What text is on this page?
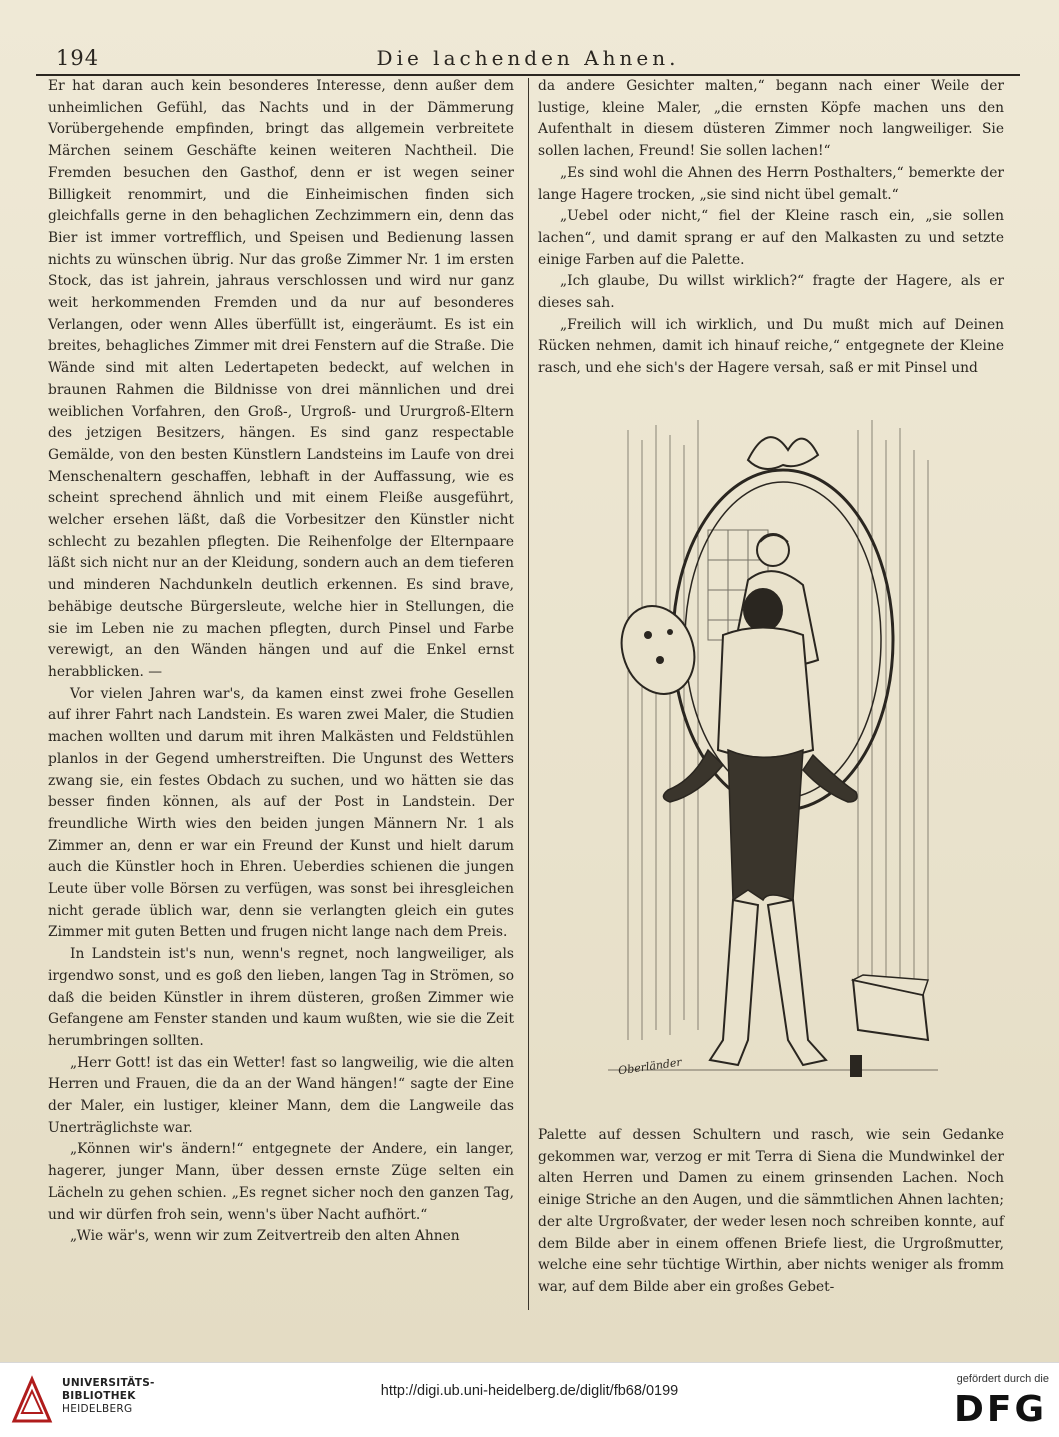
194	Die lachenden Ahnen.

Er hat daran auch kein besonderes Interesse, denn außer dem unheimlichen Gefühl, das Nachts und in der Dämmerung Vorübergehende empfinden, bringt das allgemein verbreitete Märchen seinem Geschäfte keinen weiteren Nachtheil. Die Fremden besuchen den Gasthof, denn er ist wegen seiner Billigkeit renommirt, und die Einheimischen finden sich gleichfalls gerne in den behaglichen Zechzimmern ein, denn das Bier ist immer vortrefflich, und Speisen und Bedienung lassen nichts zu wünschen übrig. Nur das große Zimmer Nr. 1 im ersten Stock, das ist jahrein, jahraus verschlossen und wird nur ganz weit herkommenden Fremden und da nur auf besonderes Verlangen, oder wenn Alles überfüllt ist, eingeräumt. Es ist ein breites, behagliches Zimmer mit drei Fenstern auf die Straße. Die Wände sind mit alten Ledertapeten bedeckt, auf welchen in braunen Rahmen die Bildnisse von drei männlichen und drei weiblichen Vorfahren, den Groß-, Urgroß- und Ururgroß-Eltern des jetzigen Besitzers, hängen. Es sind ganz respectable Gemälde, von den besten Künstlern Landsteins im Laufe von drei Menschenaltern geschaffen, lebhaft in der Auffassung, wie es scheint sprechend ähnlich und mit einem Fleiße ausgeführt, welcher ersehen läßt, daß die Vorbesitzer den Künstler nicht schlecht zu bezahlen pflegten. Die Reihenfolge der Elternpaare läßt sich nicht nur an der Kleidung, sondern auch an dem tieferen und minderen Nachdunkeln deutlich erkennen. Es sind brave, behäbige deutsche Bürgersleute, welche hier in Stellungen, die sie im Leben nie zu machen pflegten, durch Pinsel und Farbe verewigt, an den Wänden hängen und auf die Enkel ernst herabblicken. —

Vor vielen Jahren war's, da kamen einst zwei frohe Gesellen auf ihrer Fahrt nach Landstein. Es waren zwei Maler, die Studien machen wollten und darum mit ihren Malkästen und Feldstühlen planlos in der Gegend umherstreiften. Die Ungunst des Wetters zwang sie, ein festes Obdach zu suchen, und wo hätten sie das besser finden können, als auf der Post in Landstein. Der freundliche Wirth wies den beiden jungen Männern Nr. 1 als Zimmer an, denn er war ein Freund der Kunst und hielt darum auch die Künstler hoch in Ehren. Ueberdies schienen die jungen Leute über volle Börsen zu verfügen, was sonst bei ihresgleichen nicht gerade üblich war, denn sie verlangten gleich ein gutes Zimmer mit guten Betten und frugen nicht lange nach dem Preis.

In Landstein ist's nun, wenn's regnet, noch langweiliger, als irgendwo sonst, und es goß den lieben, langen Tag in Strömen, so daß die beiden Künstler in ihrem düsteren, großen Zimmer wie Gefangene am Fenster standen und kaum wußten, wie sie die Zeit herumbringen sollten.

„Herr Gott! ist das ein Wetter! fast so langweilig, wie die alten Herren und Frauen, die da an der Wand hängen!“ sagte der Eine der Maler, ein lustiger, kleiner Mann, dem die Langweile das Unerträglichste war.

„Können wir's ändern!“ entgegnete der Andere, ein langer, hagerer, junger Mann, über dessen ernste Züge selten ein Lächeln zu gehen schien. „Es regnet sicher noch den ganzen Tag, und wir dürfen froh sein, wenn's über Nacht aufhört.“

„Wie wär's, wenn wir zum Zeitvertreib den alten Ahnen

da andere Gesichter malten,“ begann nach einer Weile der lustige, kleine Maler, „die ernsten Köpfe machen uns den Aufenthalt in diesem düsteren Zimmer noch langweiliger. Sie sollen lachen, Freund! Sie sollen lachen!“

„Es sind wohl die Ahnen des Herrn Posthalters,“ bemerkte der lange Hagere trocken, „sie sind nicht übel gemalt.“

„Uebel oder nicht,“ fiel der Kleine rasch ein, „sie sollen lachen“, und damit sprang er auf den Malkasten zu und setzte einige Farben auf die Palette.

„Ich glaube, Du willst wirklich?“ fragte der Hagere, als er dieses sah.

„Freilich will ich wirklich, und Du mußt mich auf Deinen Rücken nehmen, damit ich hinauf reiche,“ entgegnete der Kleine rasch, und ehe sich's der Hagere versah, saß er mit Pinsel und

Oberländer

Palette auf dessen Schultern und rasch, wie sein Gedanke gekommen war, verzog er mit Terra di Siena die Mundwinkel der alten Herren und Damen zu einem grinsenden Lachen. Noch einige Striche an den Augen, und die sämmtlichen Ahnen lachten; der alte Urgroßvater, der weder lesen noch schreiben konnte, auf dem Bilde aber in einem offenen Briefe liest, die Urgroßmutter, welche eine sehr tüchtige Wirthin, aber nichts weniger als fromm war, auf dem Bilde aber ein großes Gebet-

UNIVERSITÄTS-
BIBLIOTHEK
HEIDELBERG
http://digi.ub.uni-heidelberg.de/diglit/fb68/0199
gefördert durch die
DFG
